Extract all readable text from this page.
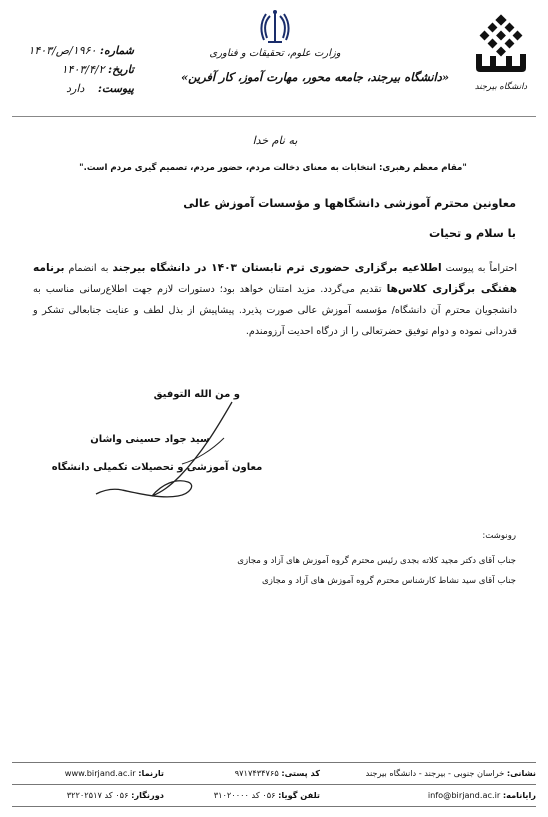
دانشگاه بیرجند
وزارت علوم، تحقیقات و فناوری
«دانشگاه بیرجند، جامعه محور، مهارت آموز، کار آفرین»
شماره: ۱۹۶۰/ص/۱۴۰۳
تاریخ: ۱۴۰۳/۴/۲
پیوست: دارد
به نام خدا
"مقام معظم رهبری: انتخابات به معنای دخالت مردم، حضور مردم، تصمیم گیری مردم است."
معاونین محترم آموزشی دانشگاهها و مؤسسات آموزش عالی
با سلام و تحیات
احتراماً به پیوست اطلاعیه برگزاری حضوری ترم تابستان ۱۴۰۳ در دانشگاه بیرجند به انضمام برنامه هفتگی برگزاری کلاس‌ها تقدیم می‌گردد. مزید امتنان خواهد بود؛ دستورات لازم جهت اطلاع‌رسانی مناسب به دانشجویان محترم آن دانشگاه/ مؤسسه آموزش عالی صورت پذیرد. پیشاپیش از بذل لطف و عنایت جنابعالی تشکر و قدردانی نموده و دوام توفیق حضرتعالی را از درگاه احدیت آرزومندم.
و من الله التوفیق
سید جواد حسینی واشان
معاون آموزشی و تحصیلات تکمیلی دانشگاه
رونوشت:
جناب آقای دکتر مجید کلاته بجدی رئیس محترم گروه آموزش های آزاد و مجازی
جناب آقای سید نشاط کارشناس محترم گروه آموزش های آزاد و مجازی
نشانی: خراسان جنوبی - بیرجند - دانشگاه بیرجند
کد پستی: ۹۷۱۷۴۳۴۷۶۵
تارنما: www.birjand.ac.ir
رایانامه: info@birjand.ac.ir
تلفن گویا: ۰۵۶ کد ۳۱۰۲۰۰۰۰
دورنگار: ۰۵۶ کد ۳۲۲۰۲۵۱۷
